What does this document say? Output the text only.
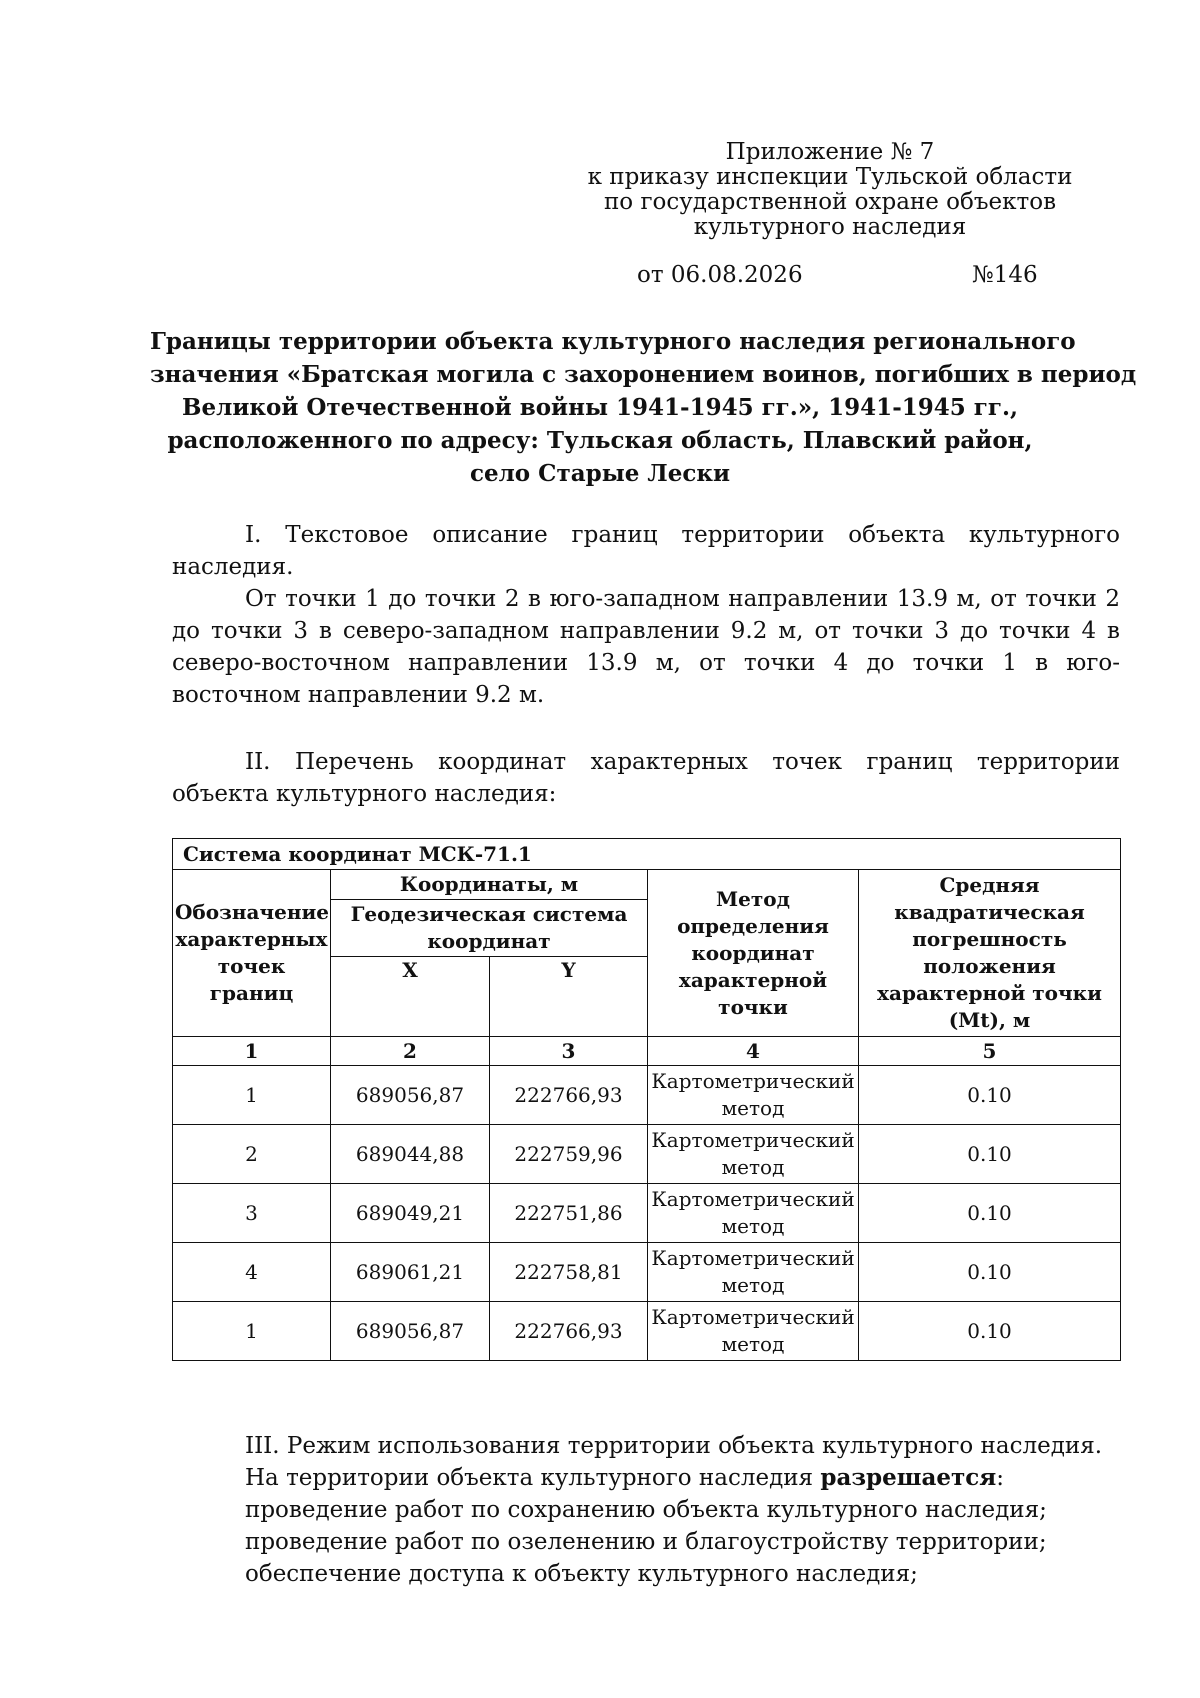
Приложение № 7
к приказу инспекции Тульской области
по государственной охране объектов
культурного наследия
от 06.08.2026	№146
Границы территории объекта культурного наследия регионального
значения «Братская могила с захоронением воинов, погибших в период
Великой Отечественной войны 1941-1945 гг.», 1941-1945 гг.,
расположенного по адресу: Тульская область, Плавский район,
село Старые Лески

I. Текстовое описание границ территории объекта культурного наследия.

От точки 1 до точки 2 в юго-западном направлении 13.9 м, от точки 2 до точки 3 в северо-западном направлении 9.2 м, от точки 3 до точки 4 в северо-восточном направлении 13.9 м, от точки 4 до точки 1 в юго-восточном направлении 9.2 м.

II. Перечень координат характерных точек границ территории объекта культурного наследия:

Система координат МСК-71.1				
Обозначение характерных точек границ	Координаты, м		Метод определения координат характерной точки	Средняя квадратическая погрешность положения характерной точки (Mt), м
	Геодезическая система координат			
	X	Y		
1	2	3	4	5
1	689056,87	222766,93	Картометрический метод	0.10
2	689044,88	222759,96	Картометрический метод	0.10
3	689049,21	222751,86	Картометрический метод	0.10
4	689061,21	222758,81	Картометрический метод	0.10
1	689056,87	222766,93	Картометрический метод	0.10
III. Режим использования территории объекта культурного наследия.
На территории объекта культурного наследия разрешается:
проведение работ по сохранению объекта культурного наследия;
проведение работ по озеленению и благоустройству территории;
обеспечение доступа к объекту культурного наследия;
